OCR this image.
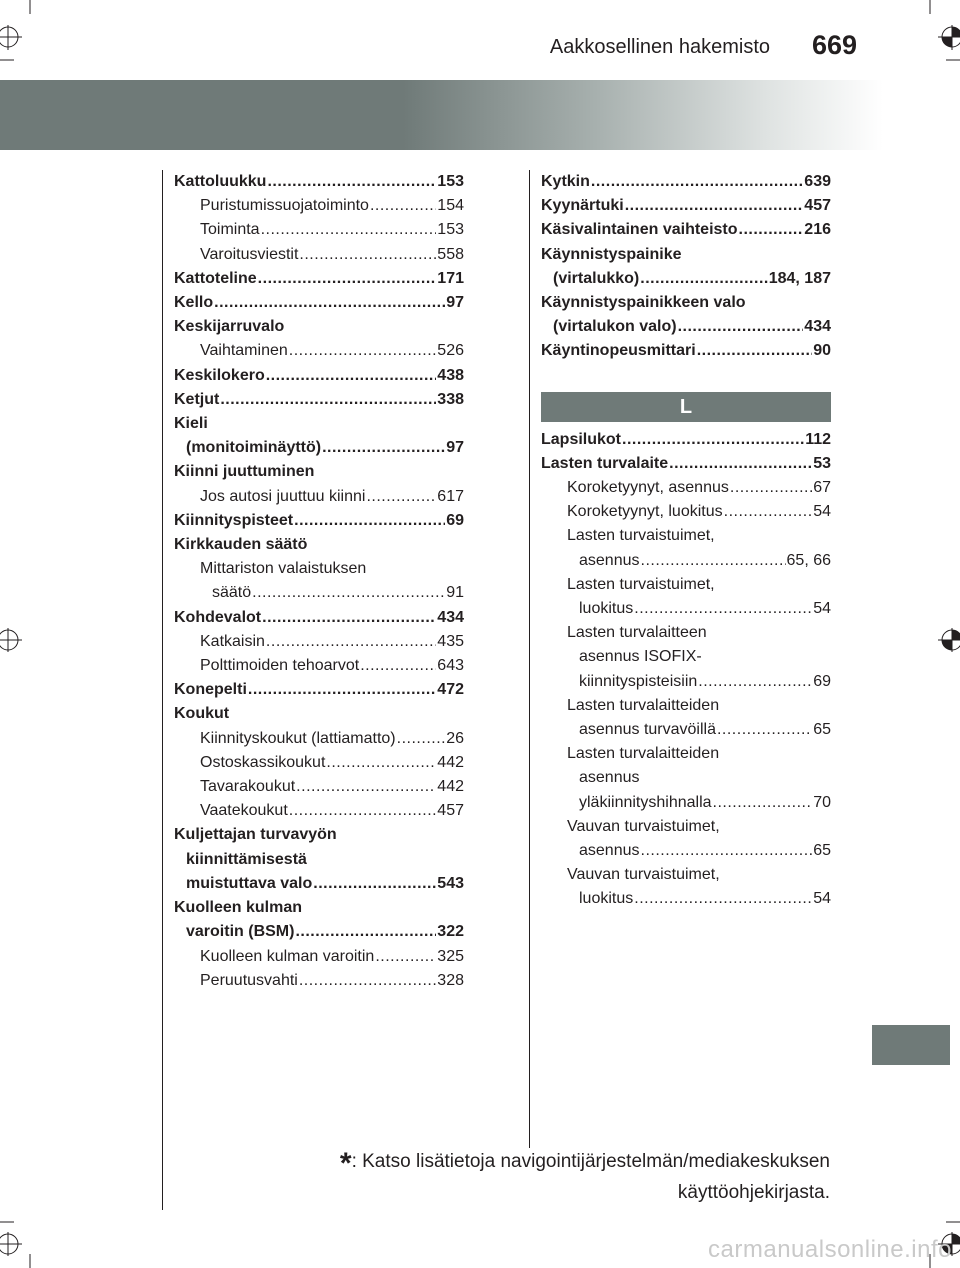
Aakkosellinen hakemisto 669
Kattoluukku .....	153
Puristumissuojatoiminto .....	154
Toiminta .....	153
Varoitusviestit .....	558
Kattoteline .....	171
Kello .....	97
Keskijarruvalo
Vaihtaminen .....	526
Keskilokero .....	438
Ketjut .....	338
Kieli
(monitoiminäyttö) .....	97
Kiinni juuttuminen
Jos autosi juuttuu kiinni .....	617
Kiinnityspisteet .....	69
Kirkkauden säätö
Mittariston valaistuksen
säätö .....	91
Kohdevalot .....	434
Katkaisin .....	435
Polttimoiden tehoarvot .....	643
Konepelti .....	472
Koukut
Kiinnityskoukut (lattiamatto) .....	26
Ostoskassikoukut .....	442
Tavarakoukut .....	442
Vaatekoukut .....	457
Kuljettajan turvavyön
kiinnittämisestä
muistuttava valo .....	543
Kuolleen kulman
varoitin (BSM) .....	322
Kuolleen kulman varoitin .....	325
Peruutusvahti .....	328
Kytkin .....	639
Kyynärtuki .....	457
Käsivalintainen vaihteisto .....	216
Käynnistyspainike
(virtalukko) .....	184, 187
Käynnistyspainikkeen valo
(virtalukon valo) .....	434
Käyntinopeusmittari .....	90
L
Lapsilukot .....	112
Lasten turvalaite .....	53
Koroketyynyt, asennus .....	67
Koroketyynyt, luokitus .....	54
Lasten turvaistuimet,
asennus .....	65, 66
Lasten turvaistuimet,
luokitus .....	54
Lasten turvalaitteen
asennus ISOFIX-
kiinnityspisteisiin .....	69
Lasten turvalaitteiden
asennus turvavöillä .....	65
Lasten turvalaitteiden
asennus
yläkiinnityshihnalla .....	70
Vauvan turvaistuimet,
asennus .....	65
Vauvan turvaistuimet,
luokitus .....	54
*: Katso lisätietoja navigointijärjestelmän/mediakeskuksen
käyttöohjekirjasta.
carmanualsonline.info
